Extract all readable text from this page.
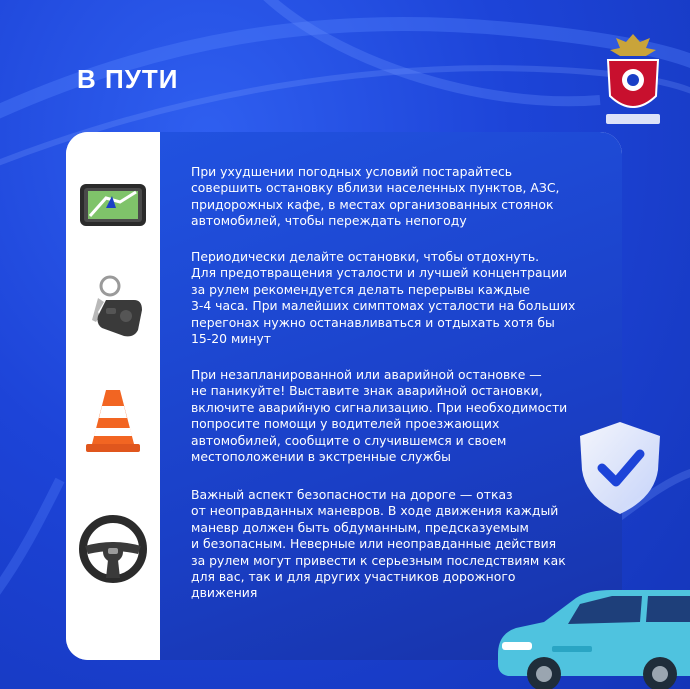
В ПУТИ

При ухудшении погодных условий постарайтесь
совершить остановку вблизи населенных пунктов, АЗС,
придорожных кафе, в местах организованных стоянок
автомобилей, чтобы переждать непогоду

Периодически делайте остановки, чтобы отдохнуть.
Для предотвращения усталости и лучшей концентрации
за рулем рекомендуется делать перерывы каждые
3-4 часа. При малейших симптомах усталости на больших
перегонах нужно останавливаться и отдыхать хотя бы
15-20 минут

При незапланированной или аварийной остановке —
не паникуйте! Выставите знак аварийной остановки,
включите аварийную сигнализацию. При необходимости
попросите помощи у водителей проезжающих
автомобилей, сообщите о случившемся и своем
местоположении в экстренные службы

Важный аспект безопасности на дороге — отказ
от неоправданных маневров. В ходе движения каждый
маневр должен быть обдуманным, предсказуемым
и безопасным. Неверные или неоправданные действия
за рулем могут привести к серьезным последствиям как
для вас, так и для других участников дорожного
движения
